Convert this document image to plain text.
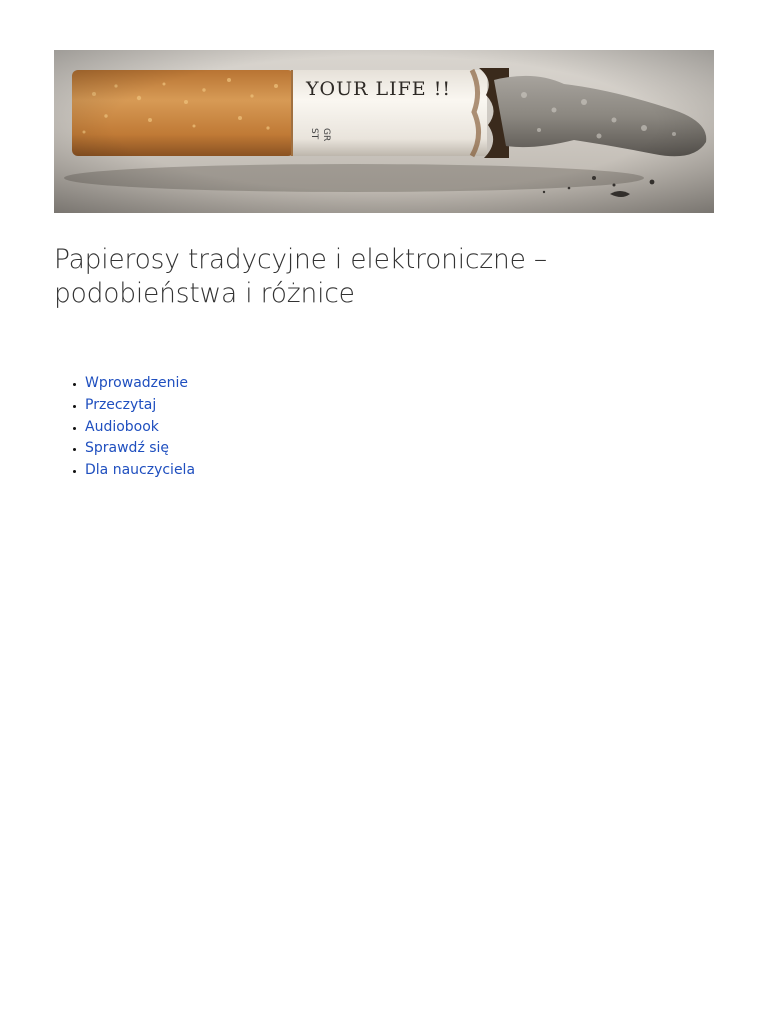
YOUR LIFE !!
Papierosy tradycyjne i elektroniczne – podobieństwa i różnice
• Wprowadzenie
• Przeczytaj
• Audiobook
• Sprawdź się
• Dla nauczyciela
